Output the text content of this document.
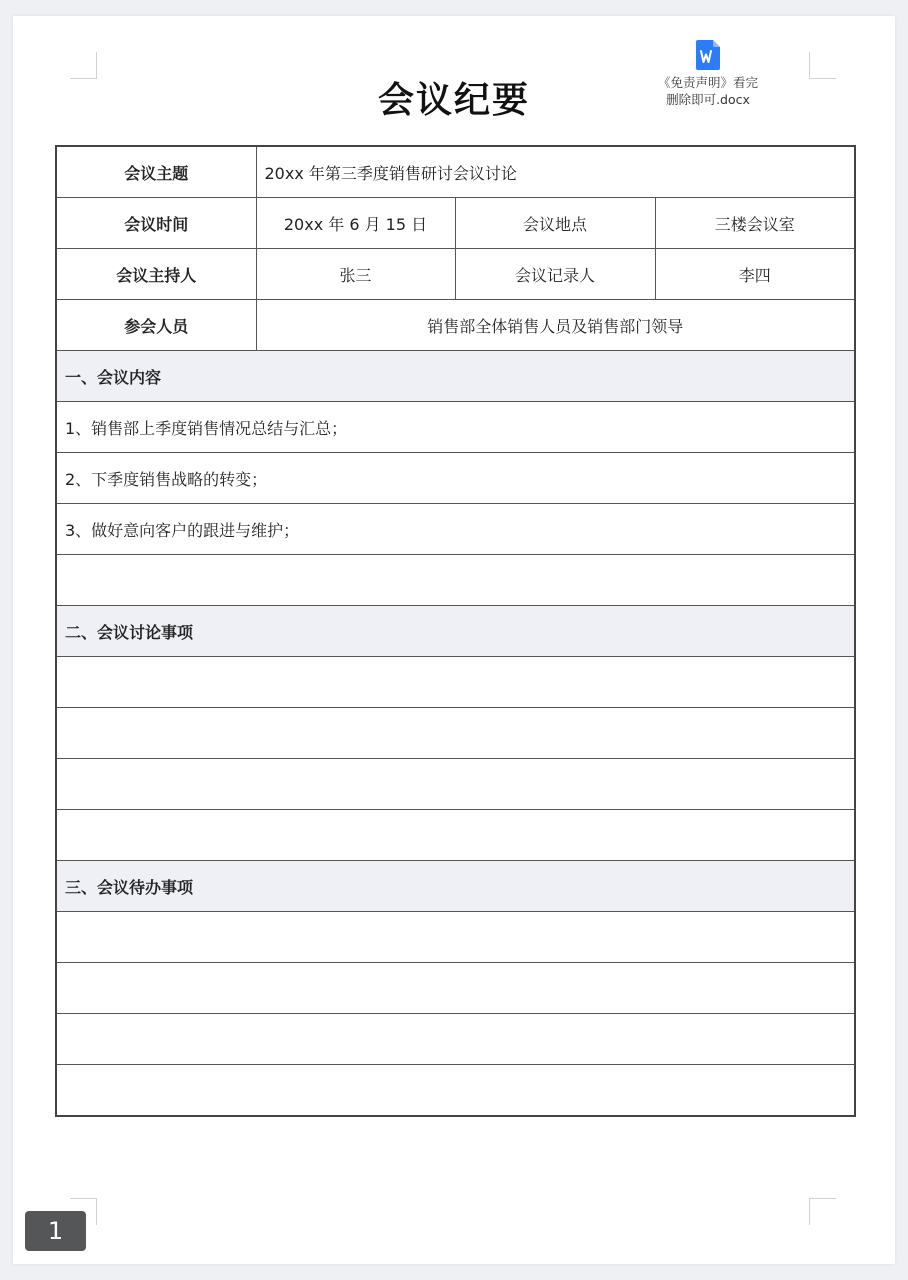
会议纪要	《免责声明》看完
删除即可.docx
会议主题	20xx 年第三季度销售研讨会议讨论		
会议时间	20xx 年 6 月 15 日	会议地点	三楼会议室
会议主持人	张三	会议记录人	李四
参会人员	销售部全体销售人员及销售部门领导		
一、会议内容			
1、销售部上季度销售情况总结与汇总；			
2、下季度销售战略的转变；			
3、做好意向客户的跟进与维护；			

二、会议讨论事项			

三、会议待办事项			

1
